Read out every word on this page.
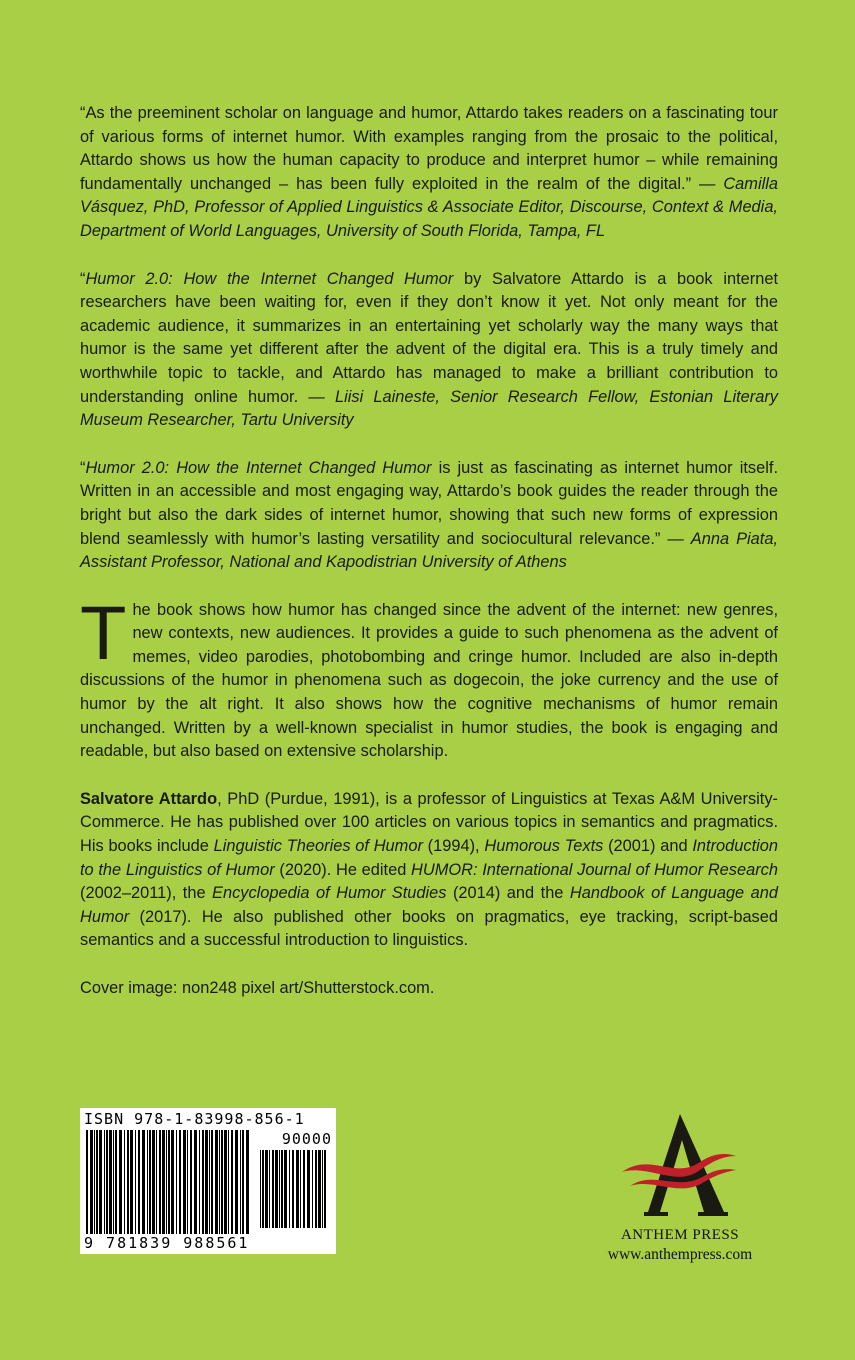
“As the preeminent scholar on language and humor, Attardo takes readers on a fascinating tour of various forms of internet humor. With examples ranging from the prosaic to the political, Attardo shows us how the human capacity to produce and interpret humor – while remaining fundamentally unchanged – has been fully exploited in the realm of the digital.” — Camilla Vásquez, PhD, Professor of Applied Linguistics & Associate Editor, Discourse, Context & Media, Department of World Languages, University of South Florida, Tampa, FL

“Humor 2.0: How the Internet Changed Humor by Salvatore Attardo is a book internet researchers have been waiting for, even if they don’t know it yet. Not only meant for the academic audience, it summarizes in an entertaining yet scholarly way the many ways that humor is the same yet different after the advent of the digital era. This is a truly timely and worthwhile topic to tackle, and Attardo has managed to make a brilliant contribution to understanding online humor. — Liisi Laineste, Senior Research Fellow, Estonian Literary Museum Researcher, Tartu University

“Humor 2.0: How the Internet Changed Humor is just as fascinating as internet humor itself. Written in an accessible and most engaging way, Attardo’s book guides the reader through the bright but also the dark sides of internet humor, showing that such new forms of expression blend seamlessly with humor’s lasting versatility and sociocultural relevance.” — Anna Piata, Assistant Professor, National and Kapodistrian University of Athens

The book shows how humor has changed since the advent of the internet: new genres, new contexts, new audiences. It provides a guide to such phenomena as the advent of memes, video parodies, photobombing and cringe humor. Included are also in-depth discussions of the humor in phenomena such as dogecoin, the joke currency and the use of humor by the alt right. It also shows how the cognitive mechanisms of humor remain unchanged. Written by a well-known specialist in humor studies, the book is engaging and readable, but also based on extensive scholarship.

Salvatore Attardo, PhD (Purdue, 1991), is a professor of Linguistics at Texas A&M University-Commerce. He has published over 100 articles on various topics in semantics and pragmatics. His books include Linguistic Theories of Humor (1994), Humorous Texts (2001) and Introduction to the Linguistics of Humor (2020). He edited HUMOR: International Journal of Humor Research (2002–2011), the Encyclopedia of Humor Studies (2014) and the Handbook of Language and Humor (2017). He also published other books on pragmatics, eye tracking, script-based semantics and a successful introduction to linguistics.

Cover image: non248 pixel art/Shutterstock.com.

ISBN 978-1-83998-856-1
90000
9 781839 988561	ANTHEM PRESS
www.anthempress.com
